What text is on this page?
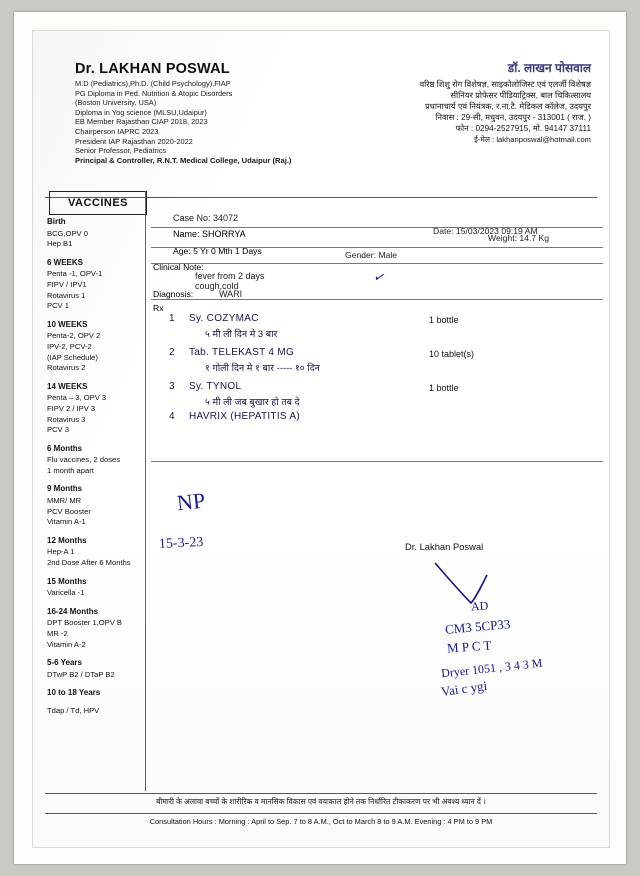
Dr. LAKHAN POSWAL
M.D (Pediatrics),Ph.D. (Child Psychology),FIAP
PG Diploma in Ped. Nutrition & Atopic Disorders
(Boston University, USA)
Diploma in Yog science (MLSU,Udaipur)
EB Member Rajasthan CIAP 2018, 2023
Chairperson IAPRC 2023
President IAP Rajasthan 2020-2022
Senior Professor, Pediatrics
Principal & Controller, R.N.T. Medical College, Udaipur (Raj.)
डॉ. लाखन पोसवाल
वरिष्ठ शिशु रोग विशेषज्ञ, साइकोलोजिस्ट एवं एलर्जी विशेषज्ञ
सीनियर प्रोफेसर पीडियाट्रिक्स, बाल चिकित्सालय
प्रधानाचार्य एवं नियंत्रक, र.ना.टै. मेडिकल कॉलेज, उदयपुर
निवास : 29-सी, मधुवन, उदयपुर - 313001 ( राज. )
फोन : 0294-2527915, मो. 94147 37111
ई-मेल : lakhanposwal@hotmail.com
VACCINES
Birth
BCG,OPV 0
Hep B1
6 WEEKS
Penta -1, OPV-1
FIPV / IPV1
Rotavirus 1
PCV 1
10 WEEKS
Penta-2, OPV 2
IPV-2, PCV-2
(IAP Schedule)
Rotavirus 2
14 WEEKS
Penta – 3, OPV 3
FIPV 2 / IPV 3
Rotavirus 3
PCV 3
6 Months
Flu vaccines, 2 doses
1 month apart
9 Months
MMR/ MR
PCV Booster
Vitamin A-1
12 Months
Hep-A 1
2nd Dose After 6 Months
15 Months
Varicella -1
16-24 Months
DPT Booster 1,OPV B
MR -2
Vitamin A-2
5-6 Years
DTwP B2 / DTaP B2
10 to 18 Years
Tdap / Td, HPV
Case No: 34072
Date: 15/03/2023 09:19 AM
Name: SHORRYA
Age: 5 Yr 0 Mth 1 Days	Gender: Male
Weight: 14.7 Kg
Clinical Note:
fever from 2 days
cough,cold
Diagnosis:	WARI
Rx
✓
1 Sy. COZYMAC
५ मी ली दिन मे 3 बार
1 bottle
2 Tab. TELEKAST 4 MG
१ गोली दिन मे १ बार ----- १० दिन
10 tablet(s)
3 Sy. TYNOL
५ मी ली जब बुखार हो तब दे
1 bottle
4 HAVRIX (HEPATITIS A)
NP
15-3-23	Dr. Lakhan Poswal
AD
CM3 5CP33
M P C T
Dryer 1051 , 3 4 3 M
Vai c ygi
बीमारी के अलावा बच्चों के शारीरिक व मानसिक विकास एवं वयःकाल होने तक निर्धारित टीकाकरण पर भी अवश्य ध्यान दें ।
Consultation Hours : Morning : April to Sep. 7 to 8 A.M., Oct to March 8 to 9 A.M. Evening : 4 PM to 9 PM
